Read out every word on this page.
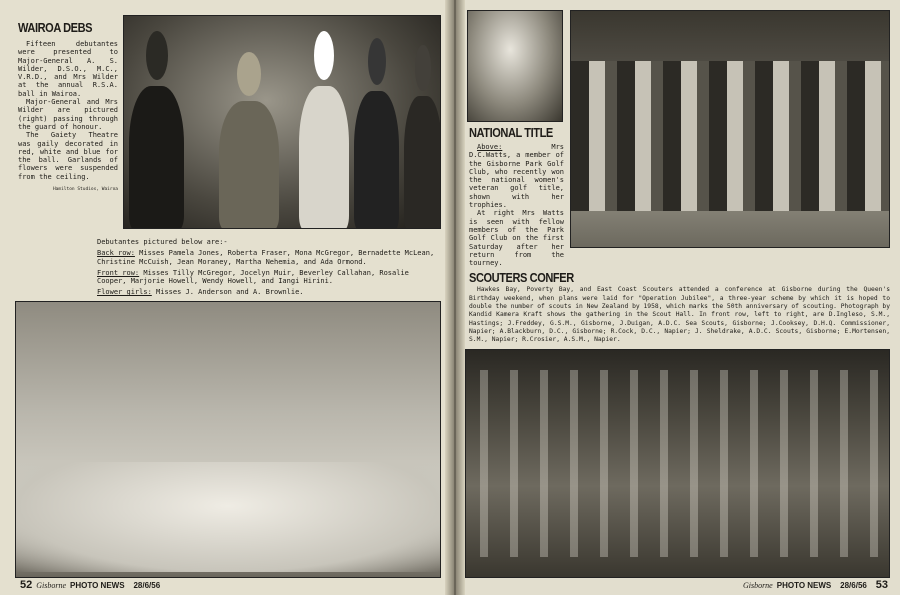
WAIROA DEBS

Fifteen debutantes were presented to Major-General A. S. Wilder, D.S.O., M.C., V.R.D., and Mrs Wilder at the annual R.S.A. ball in Wairoa.

Major-General and Mrs Wilder are pictured (right) passing through the guard of honour.

The Gaiety Theatre was gaily decorated in red, white and blue for the ball. Garlands of flowers were suspended from the ceiling.

Hamilton Studios, Wairoa
Debutantes pictured below are:-
Back row: Misses Pamela Jones, Roberta Fraser, Mona McGregor, Bernadette McLean, Christine McCuish, Jean Moraney, Martha Nehemia, and Ada Ormond.
Front row: Misses Tilly McGregor, Jocelyn Muir, Beverley Callahan, Rosalie Cooper, Marjorie Howell, Wendy Howell, and Iangi Hirini.
Flower girls: Misses J. Anderson and A. Brownlie.
52 Gisborne PHOTO NEWS 28/6/56
NATIONAL TITLE

Above: Mrs D.C.Watts, a member of the Gisborne Park Golf Club, who recently won the national women's veteran golf title, shown with her trophies.

At right Mrs Watts is seen with fellow members of the Park Golf Club on the first Saturday after her return from the tourney.

SCOUTERS CONFER

Hawkes Bay, Poverty Bay, and East Coast Scouters attended a conference at Gisborne during the Queen's Birthday weekend, when plans were laid for "Operation Jubilee", a three-year scheme by which it is hoped to double the number of scouts in New Zealand by 1958, which marks the 50th anniversary of scouting. Photograph by Kandid Kamera Kraft shows the gathering in the Scout Hall. In front row, left to right, are D.Ingleso, S.M., Hastings; J.Freddey, G.S.M., Gisborne, J.Duigan, A.D.C. Sea Scouts, Gisborne; J.Cooksey, D.H.Q. Commissioner, Napier; A.Blackburn, D.C., Gisborne; R.Cock, D.C., Napier; J. Sheldrake, A.D.C. Scouts, Gisborne; E.Mortensen, S.M., Napier; R.Crosier, A.S.M., Napier.

Gisborne PHOTO NEWS 28/6/56 53
